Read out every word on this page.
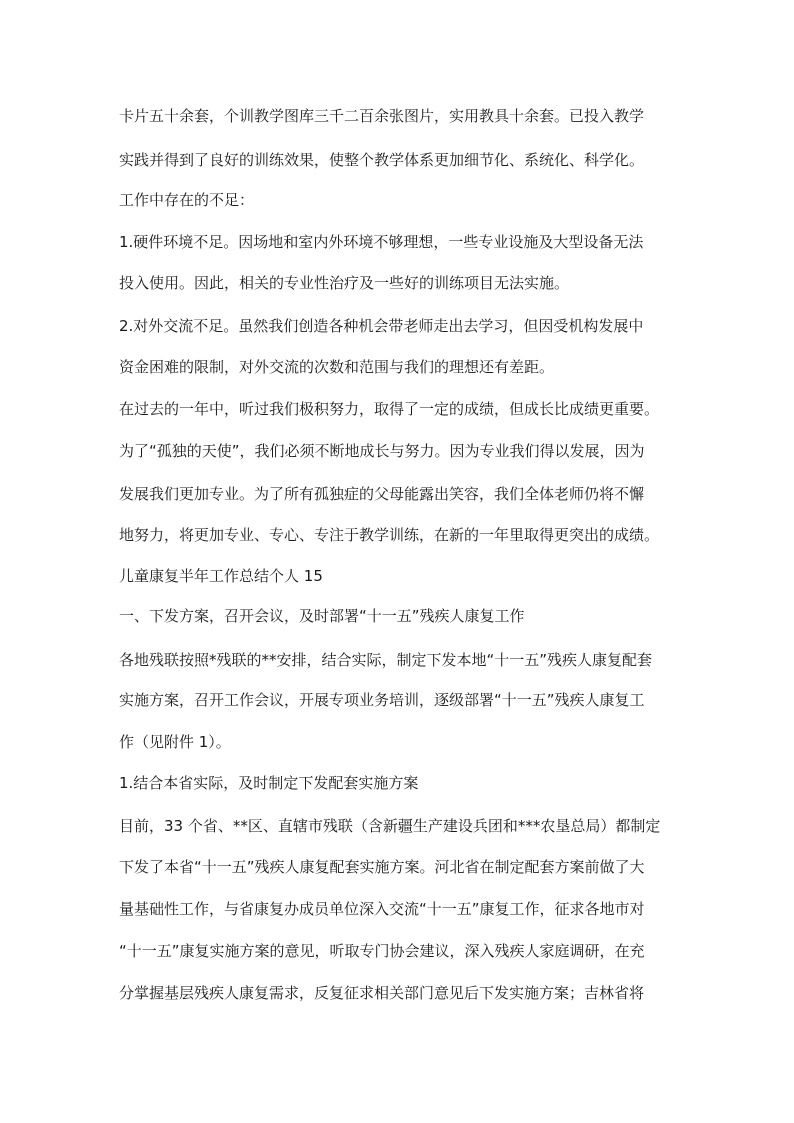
卡片五十余套，个训教学图库三千二百余张图片，实用教具十余套。已投入教学
实践并得到了良好的训练效果，使整个教学体系更加细节化、系统化、科学化。
工作中存在的不足：
1.硬件环境不足。因场地和室内外环境不够理想，一些专业设施及大型设备无法
投入使用。因此，相关的专业性治疗及一些好的训练项目无法实施。
2.对外交流不足。虽然我们创造各种机会带老师走出去学习，但因受机构发展中
资金困难的限制，对外交流的次数和范围与我们的理想还有差距。
在过去的一年中，听过我们极积努力，取得了一定的成绩，但成长比成绩更重要。
为了“孤独的天使”，我们必须不断地成长与努力。因为专业我们得以发展，因为
发展我们更加专业。为了所有孤独症的父母能露出笑容，我们全体老师仍将不懈
地努力，将更加专业、专心、专注于教学训练，在新的一年里取得更突出的成绩。
儿童康复半年工作总结个人 15
一、下发方案，召开会议，及时部署“十一五”残疾人康复工作
各地残联按照*残联的**安排，结合实际，制定下发本地“十一五”残疾人康复配套
实施方案，召开工作会议，开展专项业务培训，逐级部署“十一五”残疾人康复工
作（见附件 1）。
1.结合本省实际，及时制定下发配套实施方案
目前，33 个省、**区、直辖市残联（含新疆生产建设兵团和***农垦总局）都制定
下发了本省“十一五”残疾人康复配套实施方案。河北省在制定配套方案前做了大
量基础性工作，与省康复办成员单位深入交流“十一五”康复工作，征求各地市对
“十一五”康复实施方案的意见，听取专门协会建议，深入残疾人家庭调研，在充
分掌握基层残疾人康复需求，反复征求相关部门意见后下发实施方案；吉林省将
